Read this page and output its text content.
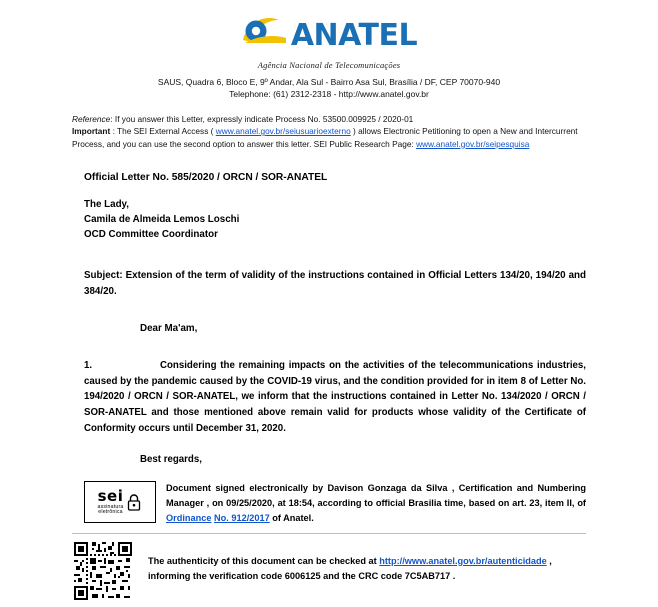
ANATEL
Agência Nacional de Telecomunicações
SAUS, Quadra 6, Bloco E, 9º Andar, Ala Sul - Bairro Asa Sul, Brasília / DF, CEP 70070-940
Telephone: (61) 2312-2318 - http://www.anatel.gov.br
Reference: If you answer this Letter, expressly indicate Process No. 53500.009925 / 2020-01
Important : The SEI External Access ( www.anatel.gov.br/seiusuarioexterno ) allows Electronic Petitioning to open a New and Intercurrent
Process, and you can use the second option to answer this letter. SEI Public Research Page: www.anatel.gov.br/seipesquisa
Official Letter No. 585/2020 / ORCN / SOR-ANATEL
The Lady,
Camila de Almeida Lemos Loschi
OCD Committee Coordinator
Subject: Extension of the term of validity of the instructions contained in Official Letters 134/20, 194/20 and 384/20.
Dear Ma'am,
1.	Considering the remaining impacts on the activities of the telecommunications industries, caused by the pandemic caused by the COVID-19 virus, and the condition provided for in item 8 of Letter No. 194/2020 / ORCN / SOR-ANATEL, we inform that the instructions contained in Letter No. 134/2020 / ORCN / SOR-ANATEL and those mentioned above remain valid for products whose validity of the Certificate of Conformity occurs until December 31, 2020.
Best regards,
sei
assinatura
eletrônica
Document signed electronically by Davison Gonzaga da Silva , Certification and Numbering Manager , on 09/25/2020, at 18:54, according to official Brasilia time, based on art. 23, item II, of Ordinance No. 912/2017 of Anatel.
The authenticity of this document can be checked at http://www.anatel.gov.br/autenticidade ,
informing the verification code 6006125 and the CRC code 7C5AB717 .
